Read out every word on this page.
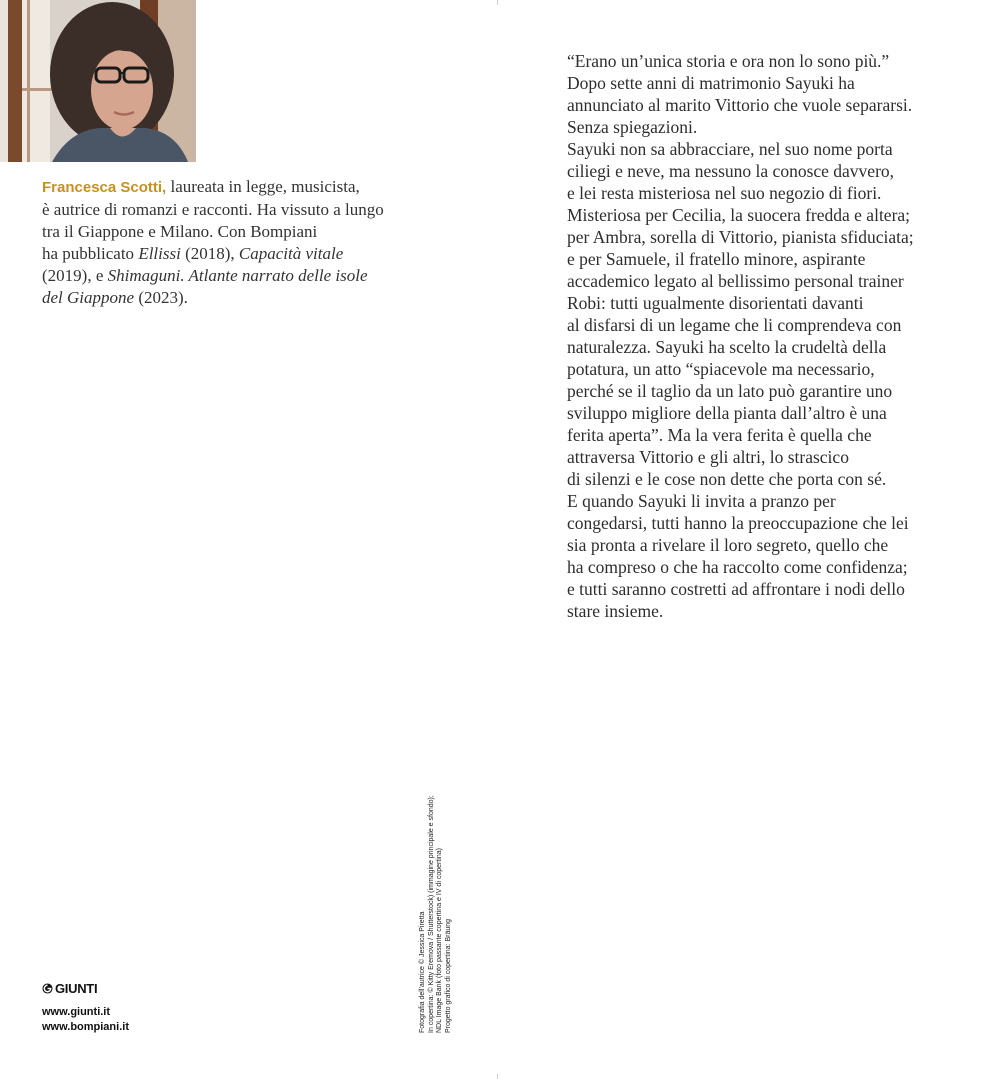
Francesca Scotti, laureata in legge, musicista,
è autrice di romanzi e racconti. Ha vissuto a lungo
tra il Giappone e Milano. Con Bompiani
ha pubblicato Ellissi (2018), Capacità vitale
(2019), e Shimaguni. Atlante narrato delle isole
del Giappone (2023).
“Erano un’unica storia e ora non lo sono più.”
Dopo sette anni di matrimonio Sayuki ha
annunciato al marito Vittorio che vuole separarsi.
Senza spiegazioni.
Sayuki non sa abbracciare, nel suo nome porta
ciliegi e neve, ma nessuno la conosce davvero,
e lei resta misteriosa nel suo negozio di fiori.
Misteriosa per Cecilia, la suocera fredda e altera;
per Ambra, sorella di Vittorio, pianista sfiduciata;
e per Samuele, il fratello minore, aspirante
accademico legato al bellissimo personal trainer
Robi: tutti ugualmente disorientati davanti
al disfarsi di un legame che li comprendeva con
naturalezza. Sayuki ha scelto la crudeltà della
potatura, un atto “spiacevole ma necessario,
perché se il taglio da un lato può garantire uno
sviluppo migliore della pianta dall’altro è una
ferita aperta”. Ma la vera ferita è quella che
attraversa Vittorio e gli altri, lo strascico
di silenzi e le cose non dette che porta con sé.
E quando Sayuki li invita a pranzo per
congedarsi, tutti hanno la preoccupazione che lei
sia pronta a rivelare il loro segreto, quello che
ha compreso o che ha raccolto come confidenza;
e tutti saranno costretti ad affrontare i nodi dello
stare insieme.
Fotografia dell’autrice © Jessica Piretta In copertina: © Kitty Eremova / Shutterstock) (immagine principale e sfondo); NDL Image Bank (foto passante copertina e IV di copertina) Progetto grafico di copertina: Bräung
GIUNTI
www.giunti.it
www.bompiani.it
